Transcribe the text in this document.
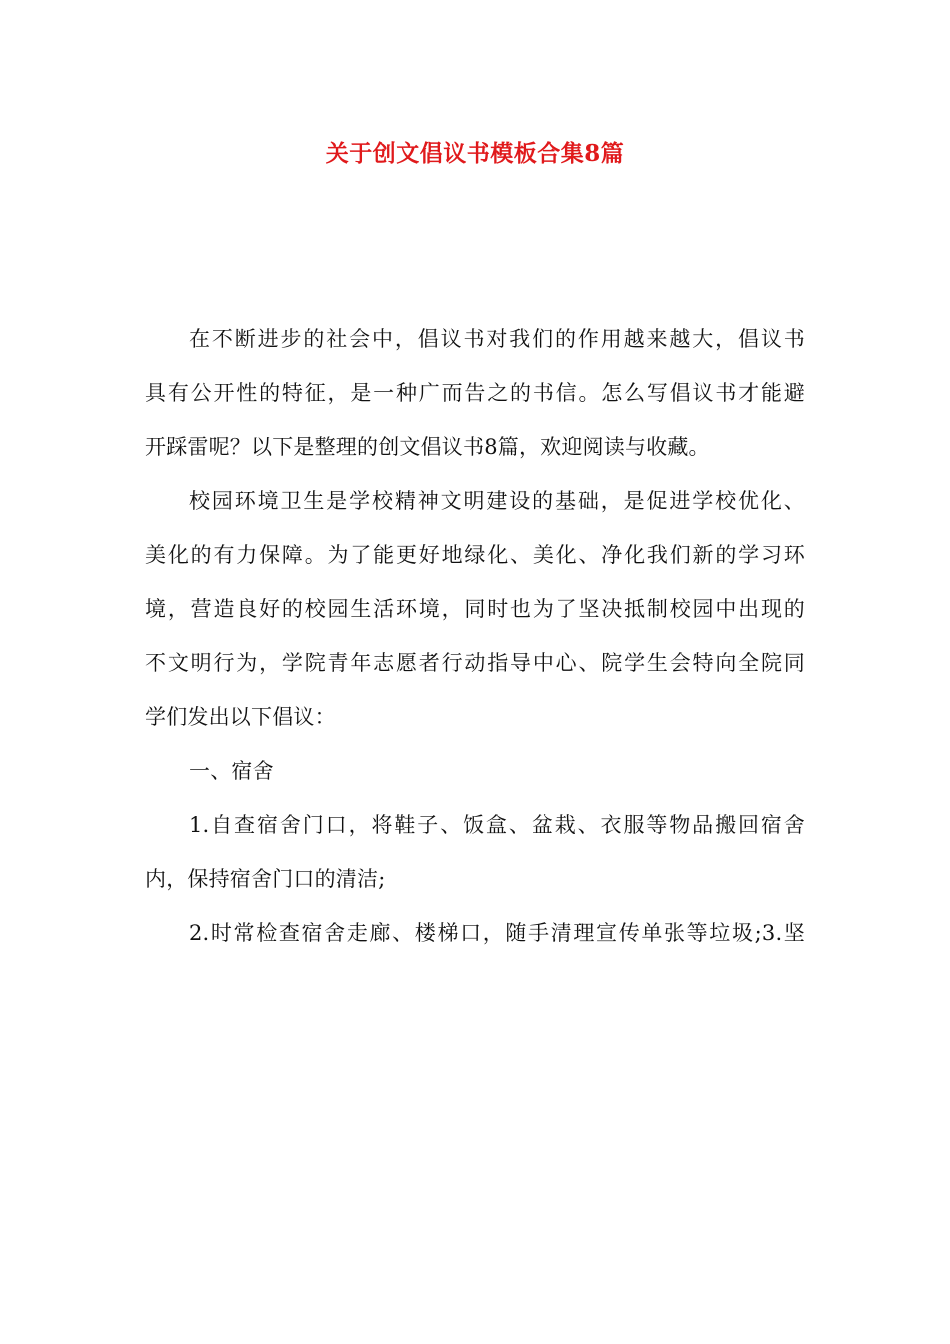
关于创文倡议书模板合集8篇
在不断进步的社会中，倡议书对我们的作用越来越大，倡议书
具有公开性的特征，是一种广而告之的书信。怎么写倡议书才能避
开踩雷呢？以下是整理的创文倡议书8篇，欢迎阅读与收藏。
校园环境卫生是学校精神文明建设的基础，是促进学校优化、
美化的有力保障。为了能更好地绿化、美化、净化我们新的学习环
境，营造良好的校园生活环境，同时也为了坚决抵制校园中出现的
不文明行为，学院青年志愿者行动指导中心、院学生会特向全院同
学们发出以下倡议：
一、宿舍
1.自查宿舍门口，将鞋子、饭盒、盆栽、衣服等物品搬回宿舍
内，保持宿舍门口的清洁;
2.时常检查宿舍走廊、楼梯口，随手清理宣传单张等垃圾;3.坚
